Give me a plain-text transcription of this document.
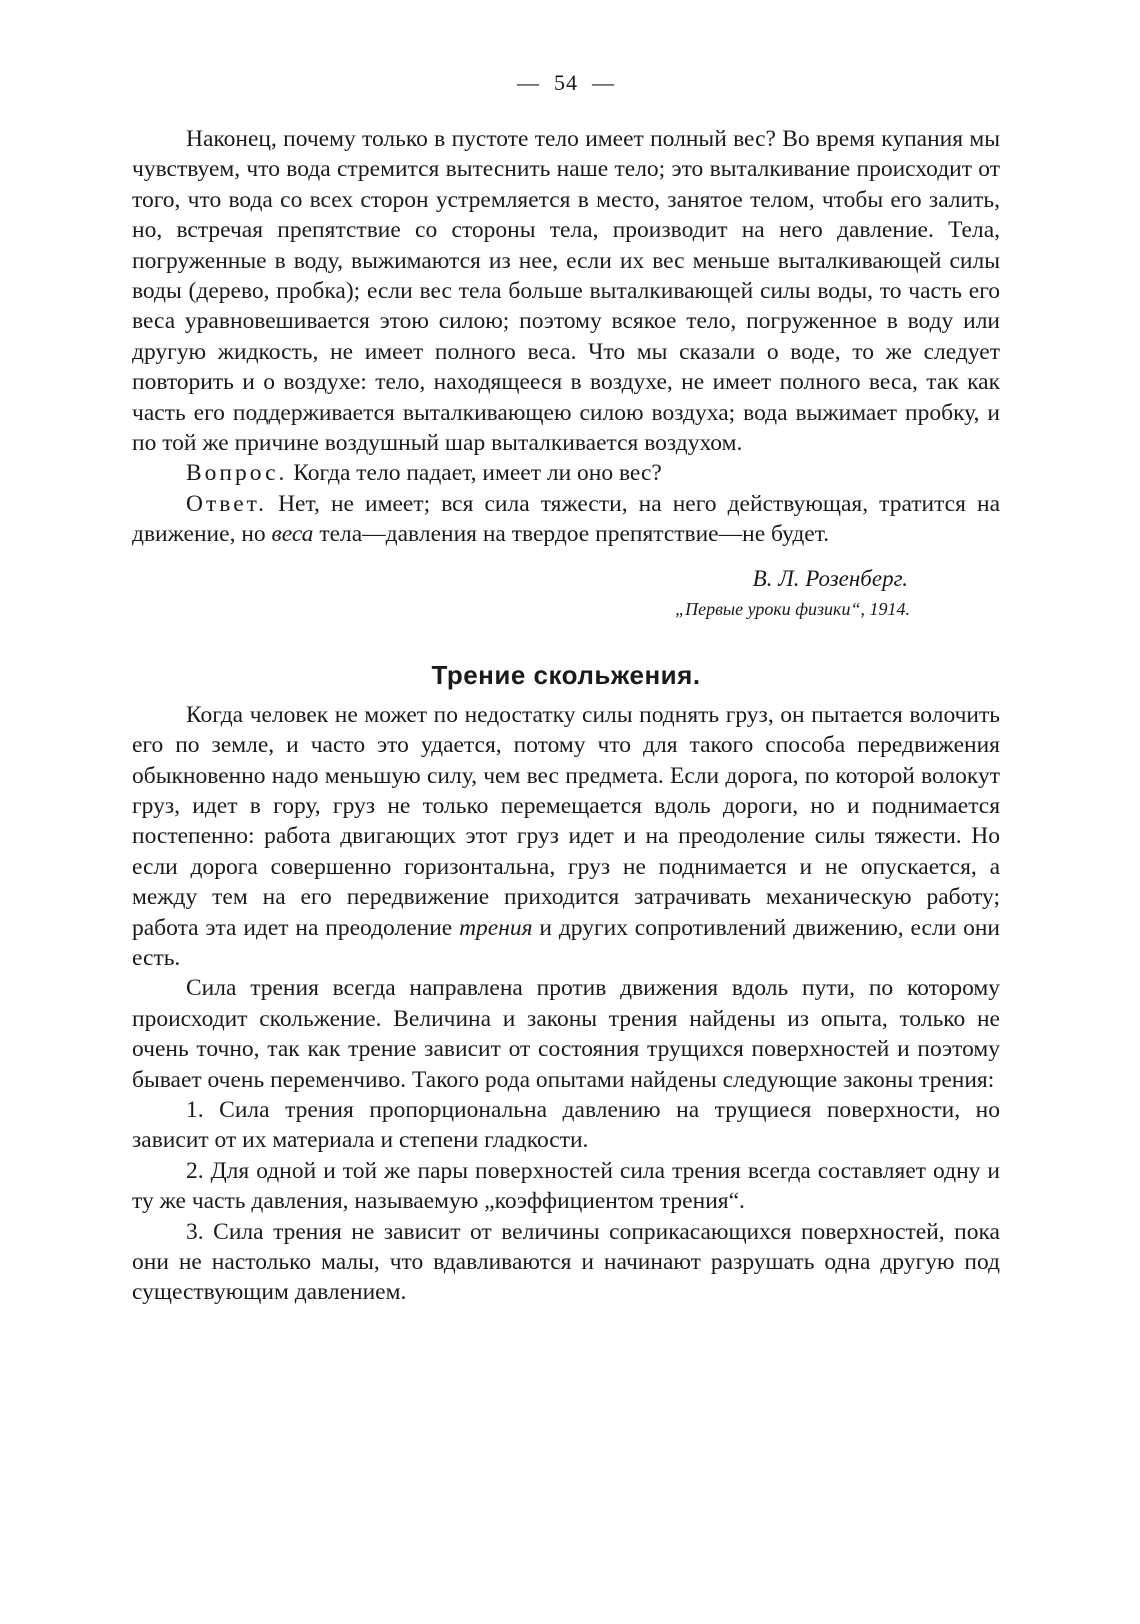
— 54 —

Наконец, почему только в пустоте тело имеет полный вес? Во время купания мы чувствуем, что вода стремится вытеснить наше тело; это выталкивание происходит от того, что вода со всех сторон устремляется в место, занятое телом, чтобы его залить, но, встречая препятствие со стороны тела, производит на него давление. Тела, погруженные в воду, выжимаются из нее, если их вес меньше выталкивающей силы воды (дерево, пробка); если вес тела больше выталкивающей силы воды, то часть его веса уравновешивается этою силою; поэтому всякое тело, погруженное в воду или другую жидкость, не имеет полного веса. Что мы сказали о воде, то же следует повторить и о воздухе: тело, находящееся в воздухе, не имеет полного веса, так как часть его поддерживается выталкивающею силою воздуха; вода выжимает пробку, и по той же причине воздушный шар выталкивается воздухом.

Вопрос. Когда тело падает, имеет ли оно вес?

Ответ. Нет, не имеет; вся сила тяжести, на него действующая, тратится на движение, но веса тела—давления на твердое препятствие—не будет.

В. Л. Розенберг.
„Первые уроки физики“, 1914.
Трение скольжения.

Когда человек не может по недостатку силы поднять груз, он пытается волочить его по земле, и часто это удается, потому что для такого способа передвижения обыкновенно надо меньшую силу, чем вес предмета. Если дорога, по которой волокут груз, идет в гору, груз не только перемещается вдоль дороги, но и поднимается постепенно: работа двигающих этот груз идет и на преодоление силы тяжести. Но если дорога совершенно горизонтальна, груз не поднимается и не опускается, а между тем на его передвижение приходится затрачивать механическую работу; работа эта идет на преодоление трения и других сопротивлений движению, если они есть.

Сила трения всегда направлена против движения вдоль пути, по которому происходит скольжение. Величина и законы трения найдены из опыта, только не очень точно, так как трение зависит от состояния трущихся поверхностей и поэтому бывает очень переменчиво. Такого рода опытами найдены следующие законы трения:

1. Сила трения пропорциональна давлению на трущиеся поверхности, но зависит от их материала и степени гладкости.

2. Для одной и той же пары поверхностей сила трения всегда составляет одну и ту же часть давления, называемую „коэффициентом трения“.

3. Сила трения не зависит от величины соприкасающихся поверхностей, пока они не настолько малы, что вдавливаются и начинают разрушать одна другую под существующим давлением.
